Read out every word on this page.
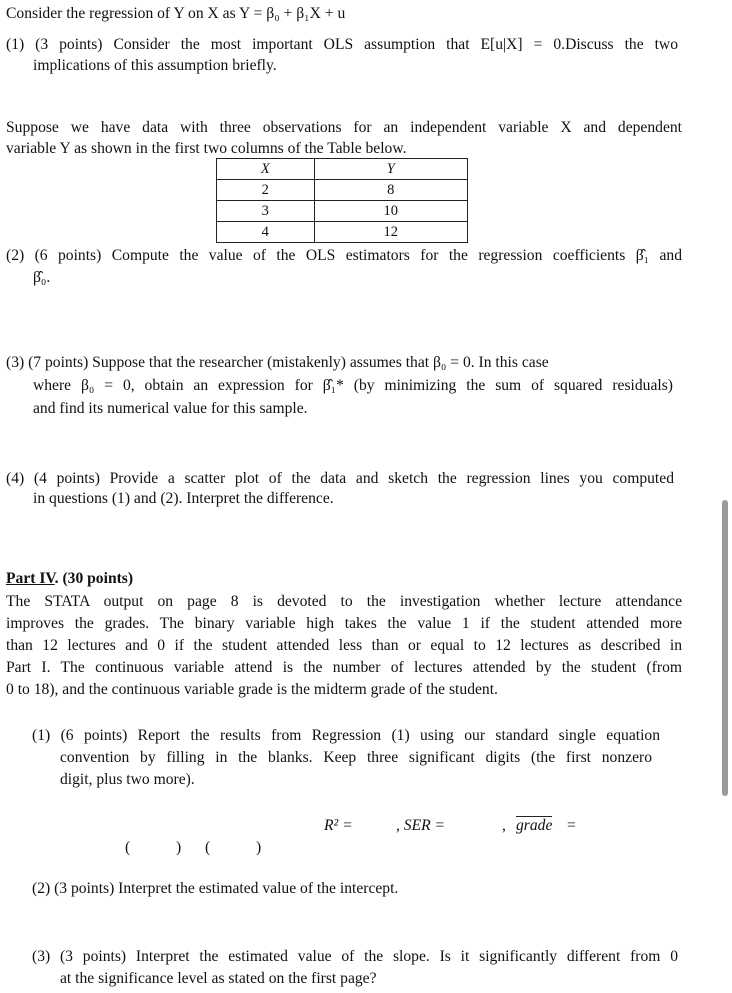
Consider the regression of Y on X as Y = β₀ + β₁X + u
(1) (3 points) Consider the most important OLS assumption that E[u|X] = 0.Discuss the two
implications of this assumption briefly.
Suppose we have data with three observations for an independent variable X and dependent
variable Y as shown in the first two columns of the Table below.
X	Y
2	8
3	10
4	12
(2) (6 points) Compute the value of the OLS estimators for the regression coefficients β̂₁ and
β̂₀.
(3) (7 points) Suppose that the researcher (mistakenly) assumes that β₀ = 0. In this case
where β₀ = 0, obtain an expression for β̂₁* (by minimizing the sum of squared residuals)
and find its numerical value for this sample.
(4) (4 points) Provide a scatter plot of the data and sketch the regression lines you computed
in questions (1) and (2). Interpret the difference.
Part IV. (30 points)
The STATA output on page 8 is devoted to the investigation whether lecture attendance
improves the grades. The binary variable high takes the value 1 if the student attended more
than 12 lectures and 0 if the student attended less than or equal to 12 lectures as described in
Part I. The continuous variable attend is the number of lectures attended by the student (from
0 to 18), and the continuous variable grade is the midterm grade of the student.
(1) (6 points) Report the results from Regression (1) using our standard single equation
convention by filling in the blanks. Keep three significant digits (the first nonzero
digit, plus two more).
R² =	, SER =	, grade =
(	) (	)
(2) (3 points) Interpret the estimated value of the intercept.
(3) (3 points) Interpret the estimated value of the slope. Is it significantly different from 0
at the significance level as stated on the first page?
